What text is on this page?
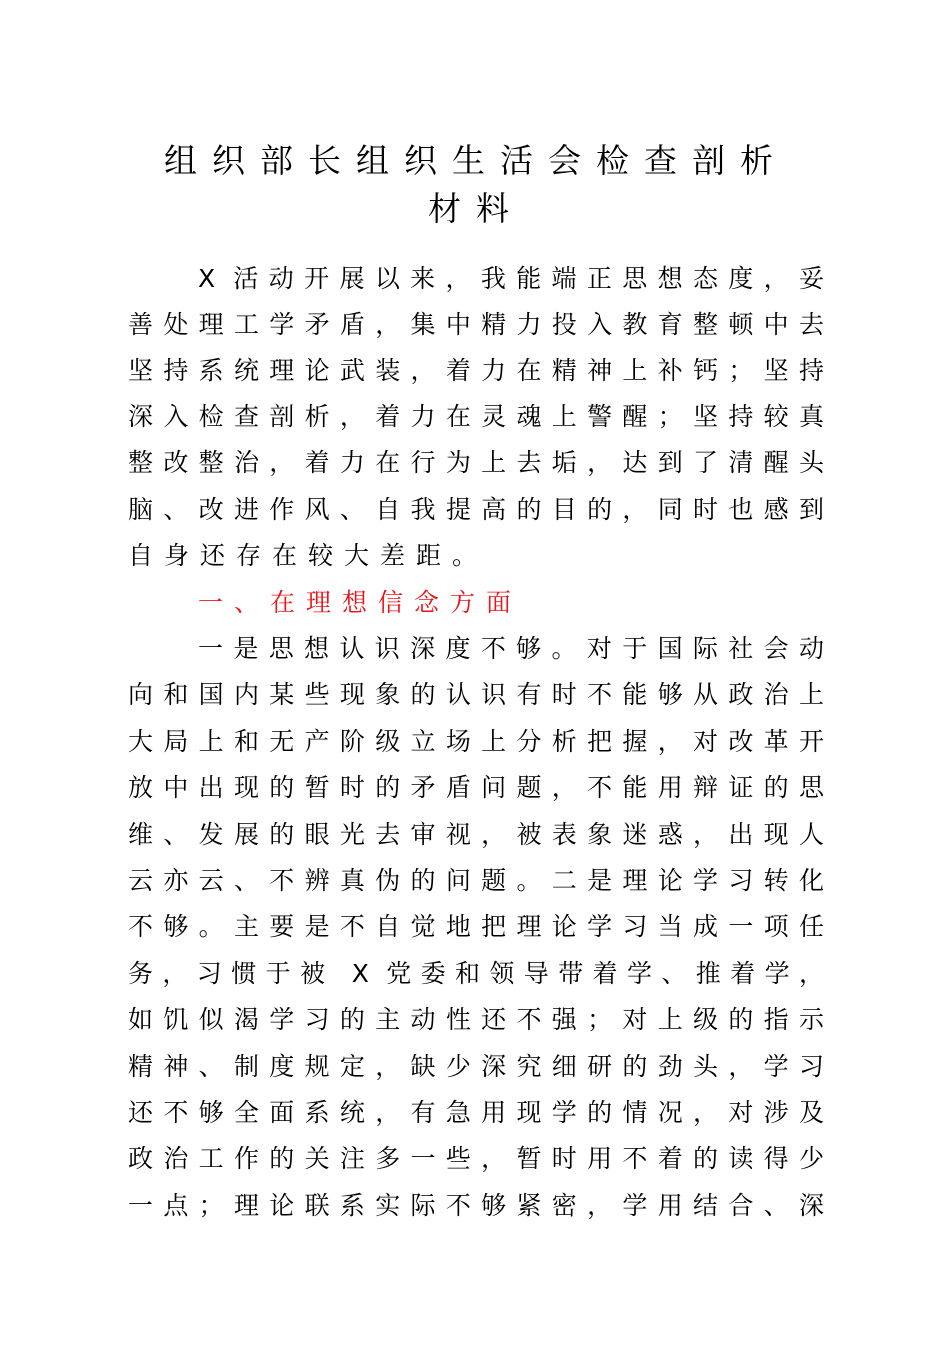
组织部长组织生活会检查剖析
材料
X 活动开展以来，我能端正思想态度，妥
善处理工学矛盾，集中精力投入教育整顿中去
坚持系统理论武装，着力在精神上补钙；坚持
深入检查剖析，着力在灵魂上警醒；坚持较真
整改整治，着力在行为上去垢，达到了清醒头
脑、改进作风、自我提高的目的，同时也感到
自身还存在较大差距。
一、在理想信念方面
一是思想认识深度不够。对于国际社会动
向和国内某些现象的认识有时不能够从政治上
大局上和无产阶级立场上分析把握，对改革开
放中出现的暂时的矛盾问题，不能用辩证的思
维、发展的眼光去审视，被表象迷惑，出现人
云亦云、不辨真伪的问题。二是理论学习转化
不够。主要是不自觉地把理论学习当成一项任
务，习惯于被 X 党委和领导带着学、推着学，
如饥似渴学习的主动性还不强；对上级的指示
精神、制度规定，缺少深究细研的劲头，学习
还不够全面系统，有急用现学的情况，对涉及
政治工作的关注多一些，暂时用不着的读得少
一点；理论联系实际不够紧密，学用结合、深
